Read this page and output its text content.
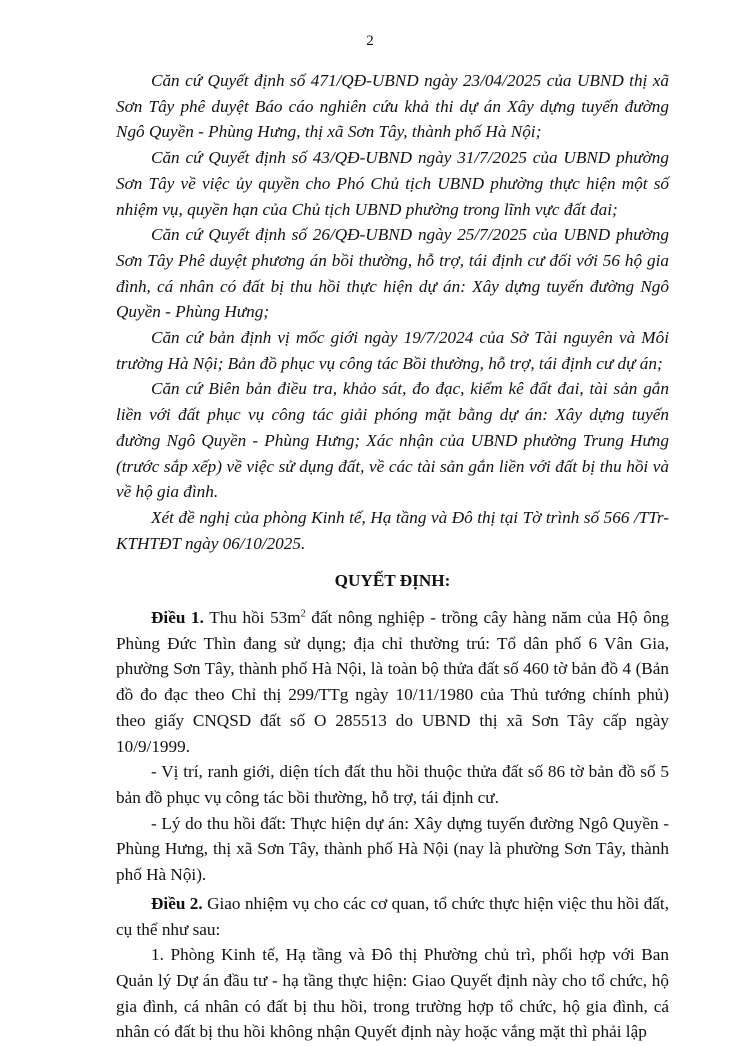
2

Căn cứ Quyết định số 471/QĐ-UBND ngày 23/04/2025 của UBND thị xã Sơn Tây phê duyệt Báo cáo nghiên cứu khả thi dự án Xây dựng tuyến đường Ngô Quyền - Phùng Hưng, thị xã Sơn Tây, thành phố Hà Nội;

Căn cứ Quyết định số 43/QĐ-UBND ngày 31/7/2025 của UBND phường Sơn Tây về việc ủy quyền cho Phó Chủ tịch UBND phường thực hiện một số nhiệm vụ, quyền hạn của Chủ tịch UBND phường trong lĩnh vực đất đai;

Căn cứ Quyết định số 26/QĐ-UBND ngày 25/7/2025 của UBND phường Sơn Tây Phê duyệt phương án bồi thường, hỗ trợ, tái định cư đối với 56 hộ gia đình, cá nhân có đất bị thu hồi thực hiện dự án: Xây dựng tuyến đường Ngô Quyền - Phùng Hưng;

Căn cứ bản định vị mốc giới ngày 19/7/2024 của Sở Tài nguyên và Môi trường Hà Nội; Bản đồ phục vụ công tác Bồi thường, hỗ trợ, tái định cư dự án;

Căn cứ Biên bản điều tra, khảo sát, đo đạc, kiểm kê đất đai, tài sản gắn liền với đất phục vụ công tác giải phóng mặt bằng dự án: Xây dựng tuyến đường Ngô Quyền - Phùng Hưng; Xác nhận của UBND phường Trung Hưng (trước sắp xếp) về việc sử dụng đất, về các tài sản gắn liền với đất bị thu hồi và về hộ gia đình.

Xét đề nghị của phòng Kinh tế, Hạ tầng và Đô thị tại Tờ trình số 566 /TTr-KTHTĐT ngày 06/10/2025.

QUYẾT ĐỊNH:

Điều 1. Thu hồi $53m^2$ đất nông nghiệp - trồng cây hàng năm của Hộ ông Phùng Đức Thìn đang sử dụng; địa chỉ thường trú: Tổ dân phố 6 Vân Gia, phường Sơn Tây, thành phố Hà Nội, là toàn bộ thửa đất số 460 tờ bản đồ 4 (Bản đồ đo đạc theo Chỉ thị 299/TTg ngày 10/11/1980 của Thủ tướng chính phủ) theo giấy CNQSD đất số O 285513 do UBND thị xã Sơn Tây cấp ngày 10/9/1999.

- Vị trí, ranh giới, diện tích đất thu hồi thuộc thửa đất số 86 tờ bản đồ số 5 bản đồ phục vụ công tác bồi thường, hỗ trợ, tái định cư.

- Lý do thu hồi đất: Thực hiện dự án: Xây dựng tuyến đường Ngô Quyền - Phùng Hưng, thị xã Sơn Tây, thành phố Hà Nội (nay là phường Sơn Tây, thành phố Hà Nội).

Điều 2. Giao nhiệm vụ cho các cơ quan, tổ chức thực hiện việc thu hồi đất, cụ thể như sau:

1. Phòng Kinh tế, Hạ tầng và Đô thị Phường chủ trì, phối hợp với Ban Quản lý Dự án đầu tư - hạ tầng thực hiện: Giao Quyết định này cho tổ chức, hộ gia đình, cá nhân có đất bị thu hồi, trong trường hợp tổ chức, hộ gia đình, cá nhân có đất bị thu hồi không nhận Quyết định này hoặc vắng mặt thì phải lập
